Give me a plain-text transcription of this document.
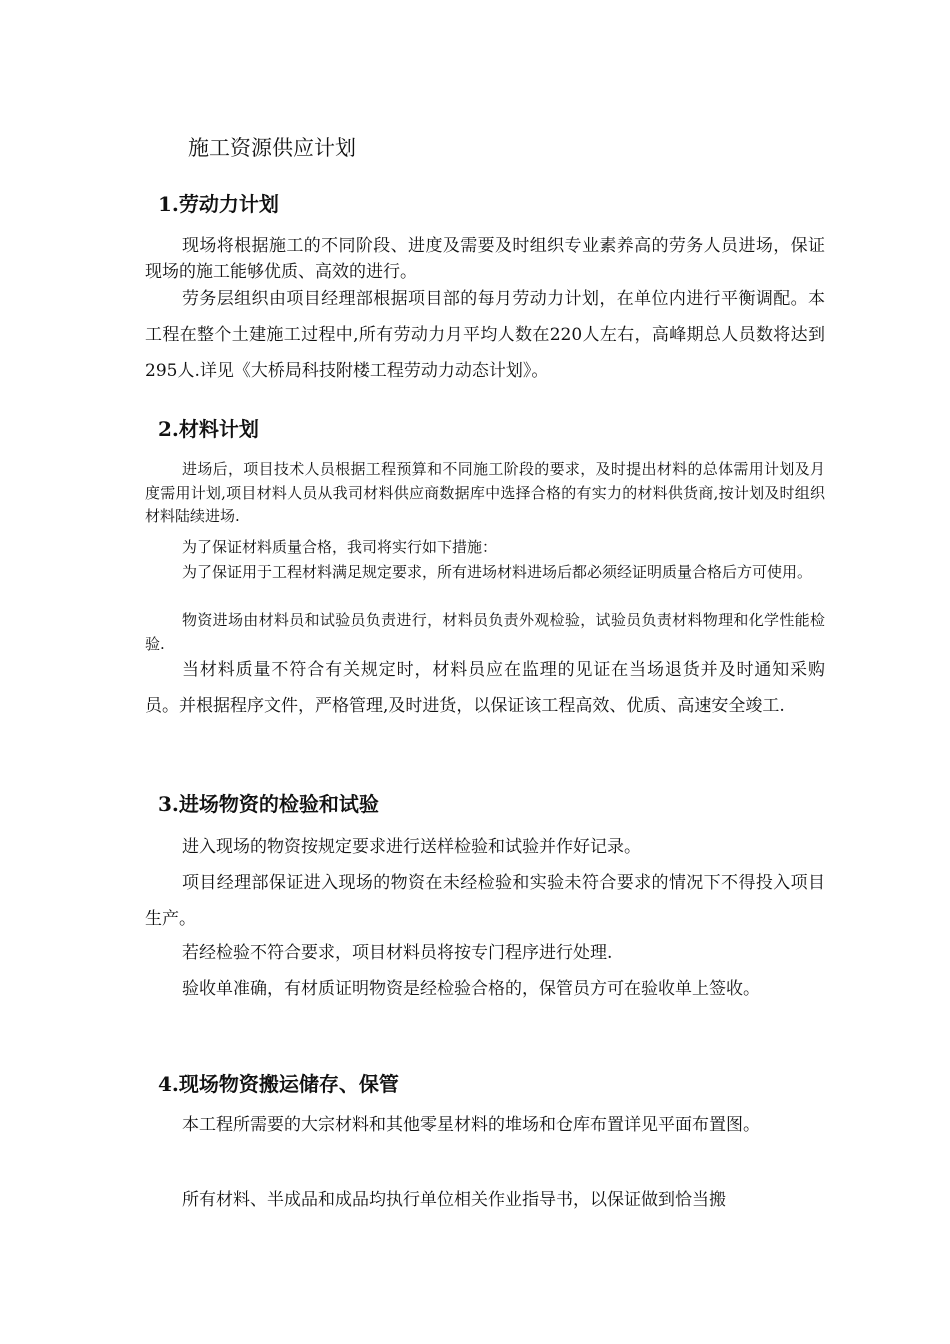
施工资源供应计划
1.劳动力计划

现场将根据施工的不同阶段、进度及需要及时组织专业素养高的劳务人员进场，保证现场的施工能够优质、高效的进行。

劳务层组织由项目经理部根据项目部的每月劳动力计划，在单位内进行平衡调配。本工程在整个土建施工过程中,所有劳动力月平均人数在220人左右，高峰期总人员数将达到295人.详见《大桥局科技附楼工程劳动力动态计划》。

2.材料计划

进场后，项目技术人员根据工程预算和不同施工阶段的要求，及时提出材料的总体需用计划及月度需用计划,项目材料人员从我司材料供应商数据库中选择合格的有实力的材料供货商,按计划及时组织材料陆续进场.

为了保证材料质量合格，我司将实行如下措施：

为了保证用于工程材料满足规定要求，所有进场材料进场后都必须经证明质量合格后方可使用。

物资进场由材料员和试验员负责进行，材料员负责外观检验，试验员负责材料物理和化学性能检验.

当材料质量不符合有关规定时，材料员应在监理的见证在当场退货并及时通知采购员。并根据程序文件，严格管理,及时进货，以保证该工程高效、优质、高速安全竣工.

3.进场物资的检验和试验

进入现场的物资按规定要求进行送样检验和试验并作好记录。

项目经理部保证进入现场的物资在未经检验和实验未符合要求的情况下不得投入项目生产。

若经检验不符合要求，项目材料员将按专门程序进行处理.

验收单准确，有材质证明物资是经检验合格的，保管员方可在验收单上签收。

4.现场物资搬运储存、保管

本工程所需要的大宗材料和其他零星材料的堆场和仓库布置详见平面布置图。

所有材料、半成品和成品均执行单位相关作业指导书，以保证做到恰当搬
